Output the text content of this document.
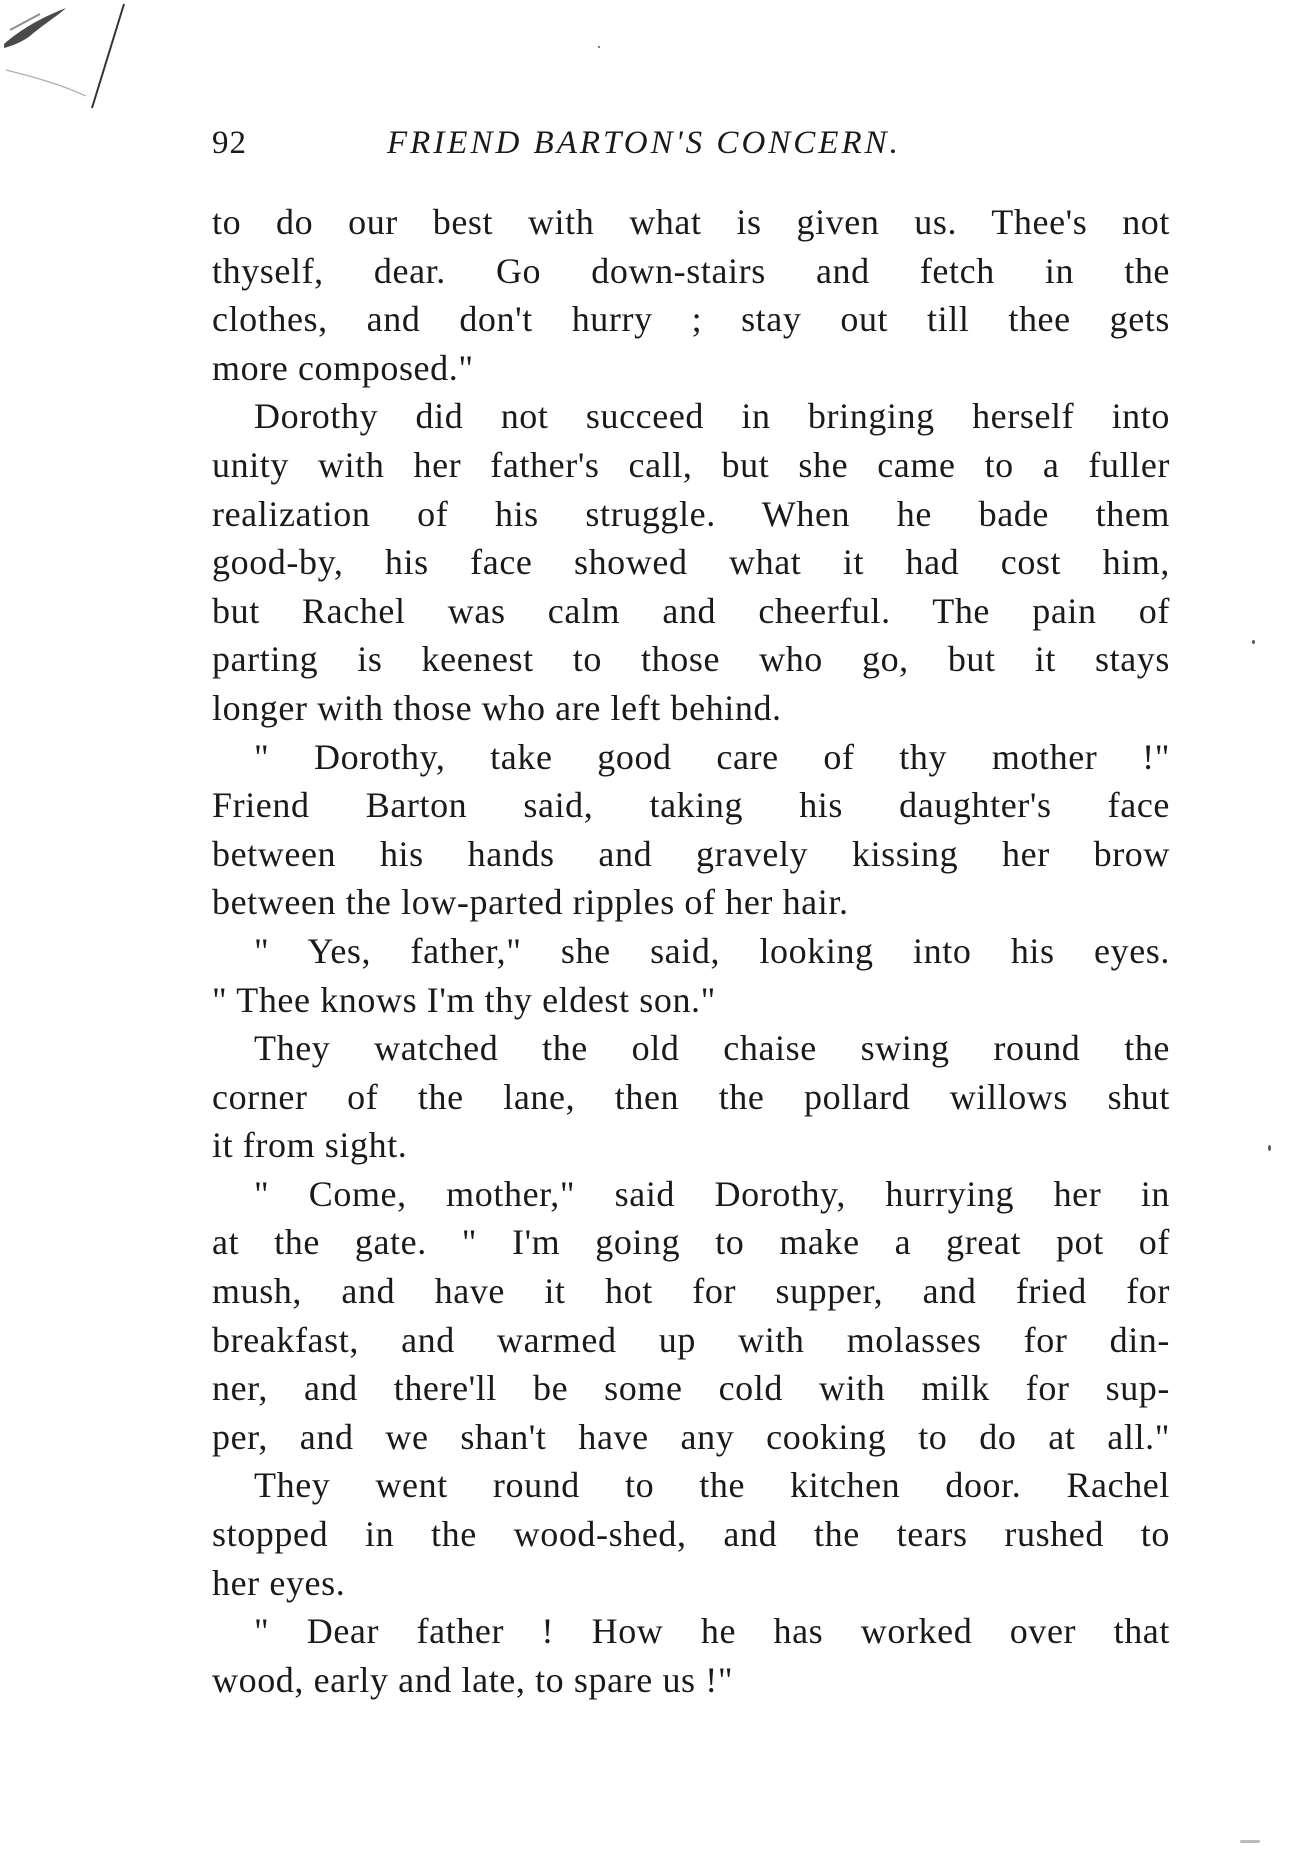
92	FRIEND BARTON'S CONCERN.
to do our best with what is given us. Thee's not
thyself, dear. Go down-stairs and fetch in the
clothes, and don't hurry ; stay out till thee gets
more composed."
Dorothy did not succeed in bringing herself into
unity with her father's call, but she came to a fuller
realization of his struggle. When he bade them
good-by, his face showed what it had cost him,
but Rachel was calm and cheerful. The pain of
parting is keenest to those who go, but it stays
longer with those who are left behind.
" Dorothy, take good care of thy mother !"
Friend Barton said, taking his daughter's face
between his hands and gravely kissing her brow
between the low-parted ripples of her hair.
" Yes, father," she said, looking into his eyes.
" Thee knows I'm thy eldest son."
They watched the old chaise swing round the
corner of the lane, then the pollard willows shut
it from sight.
" Come, mother," said Dorothy, hurrying her in
at the gate. " I'm going to make a great pot of
mush, and have it hot for supper, and fried for
breakfast, and warmed up with molasses for din-
ner, and there'll be some cold with milk for sup-
per, and we shan't have any cooking to do at all."
They went round to the kitchen door. Rachel
stopped in the wood-shed, and the tears rushed to
her eyes.
" Dear father ! How he has worked over that
wood, early and late, to spare us !"
